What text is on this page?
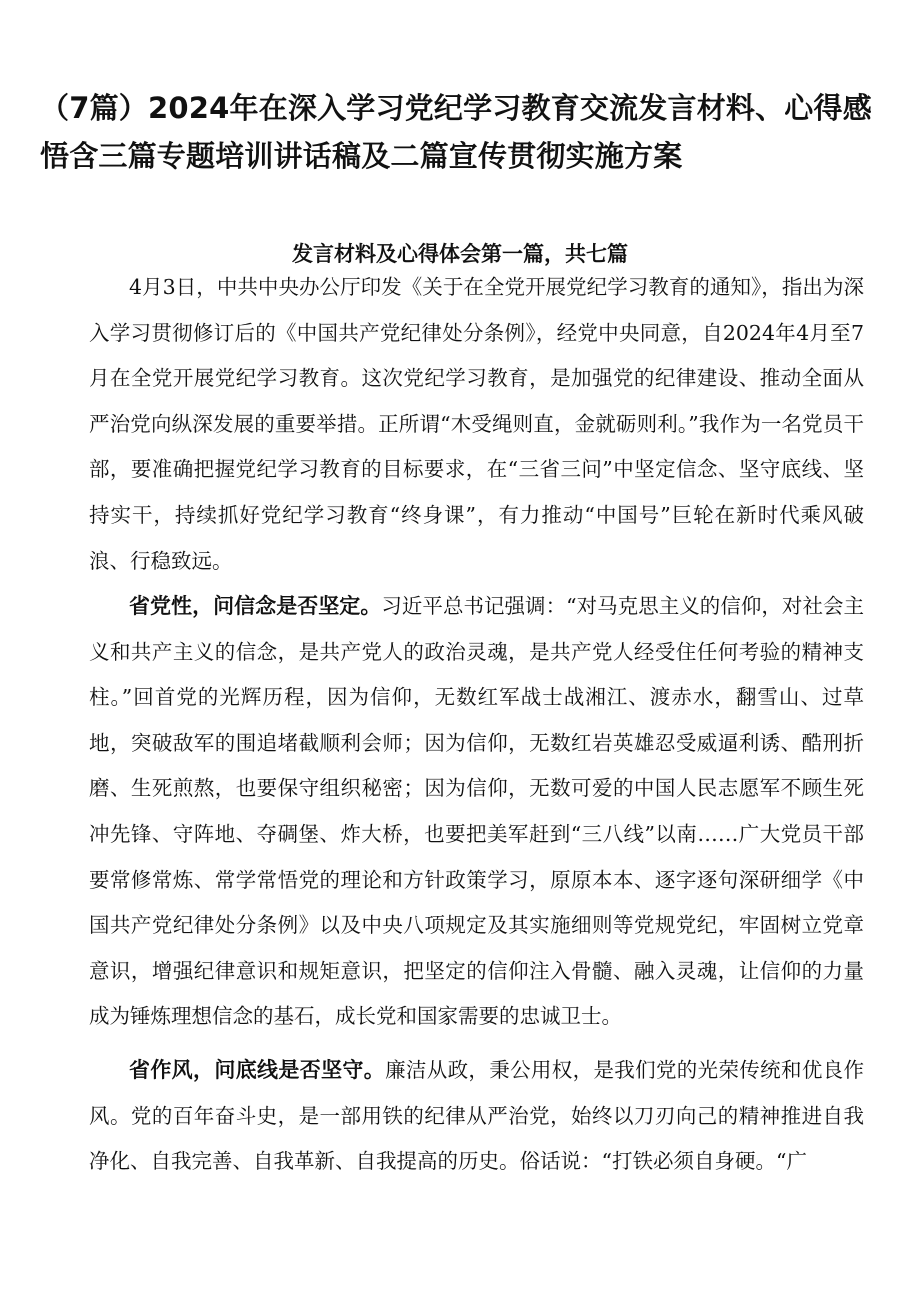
（7篇）2024年在深入学习党纪学习教育交流发言材料、心得感悟含三篇专题培训讲话稿及二篇宣传贯彻实施方案
发言材料及心得体会第一篇，共七篇

4月3日，中共中央办公厅印发《关于在全党开展党纪学习教育的通知》，指出为深入学习贯彻修订后的《中国共产党纪律处分条例》，经党中央同意，自2024年4月至7月在全党开展党纪学习教育。这次党纪学习教育，是加强党的纪律建设、推动全面从严治党向纵深发展的重要举措。正所谓“木受绳则直，金就砺则利。”我作为一名党员干部，要准确把握党纪学习教育的目标要求，在“三省三问”中坚定信念、坚守底线、坚持实干，持续抓好党纪学习教育“终身课”，有力推动“中国号”巨轮在新时代乘风破浪、行稳致远。

省党性，问信念是否坚定。习近平总书记强调：“对马克思主义的信仰，对社会主义和共产主义的信念，是共产党人的政治灵魂，是共产党人经受住任何考验的精神支柱。”回首党的光辉历程，因为信仰，无数红军战士战湘江、渡赤水，翻雪山、过草地，突破敌军的围追堵截顺利会师；因为信仰，无数红岩英雄忍受威逼利诱、酷刑折磨、生死煎熬，也要保守组织秘密；因为信仰，无数可爱的中国人民志愿军不顾生死冲先锋、守阵地、夺碉堡、炸大桥，也要把美军赶到“三八线”以南……广大党员干部要常修常炼、常学常悟党的理论和方针政策学习，原原本本、逐字逐句深研细学《中国共产党纪律处分条例》以及中央八项规定及其实施细则等党规党纪，牢固树立党章意识，增强纪律意识和规矩意识，把坚定的信仰注入骨髓、融入灵魂，让信仰的力量成为锤炼理想信念的基石，成长党和国家需要的忠诚卫士。

省作风，问底线是否坚守。廉洁从政，秉公用权，是我们党的光荣传统和优良作风。党的百年奋斗史，是一部用铁的纪律从严治党，始终以刀刃向己的精神推进自我净化、自我完善、自我革新、自我提高的历史。俗话说：“打铁必须自身硬。“广
